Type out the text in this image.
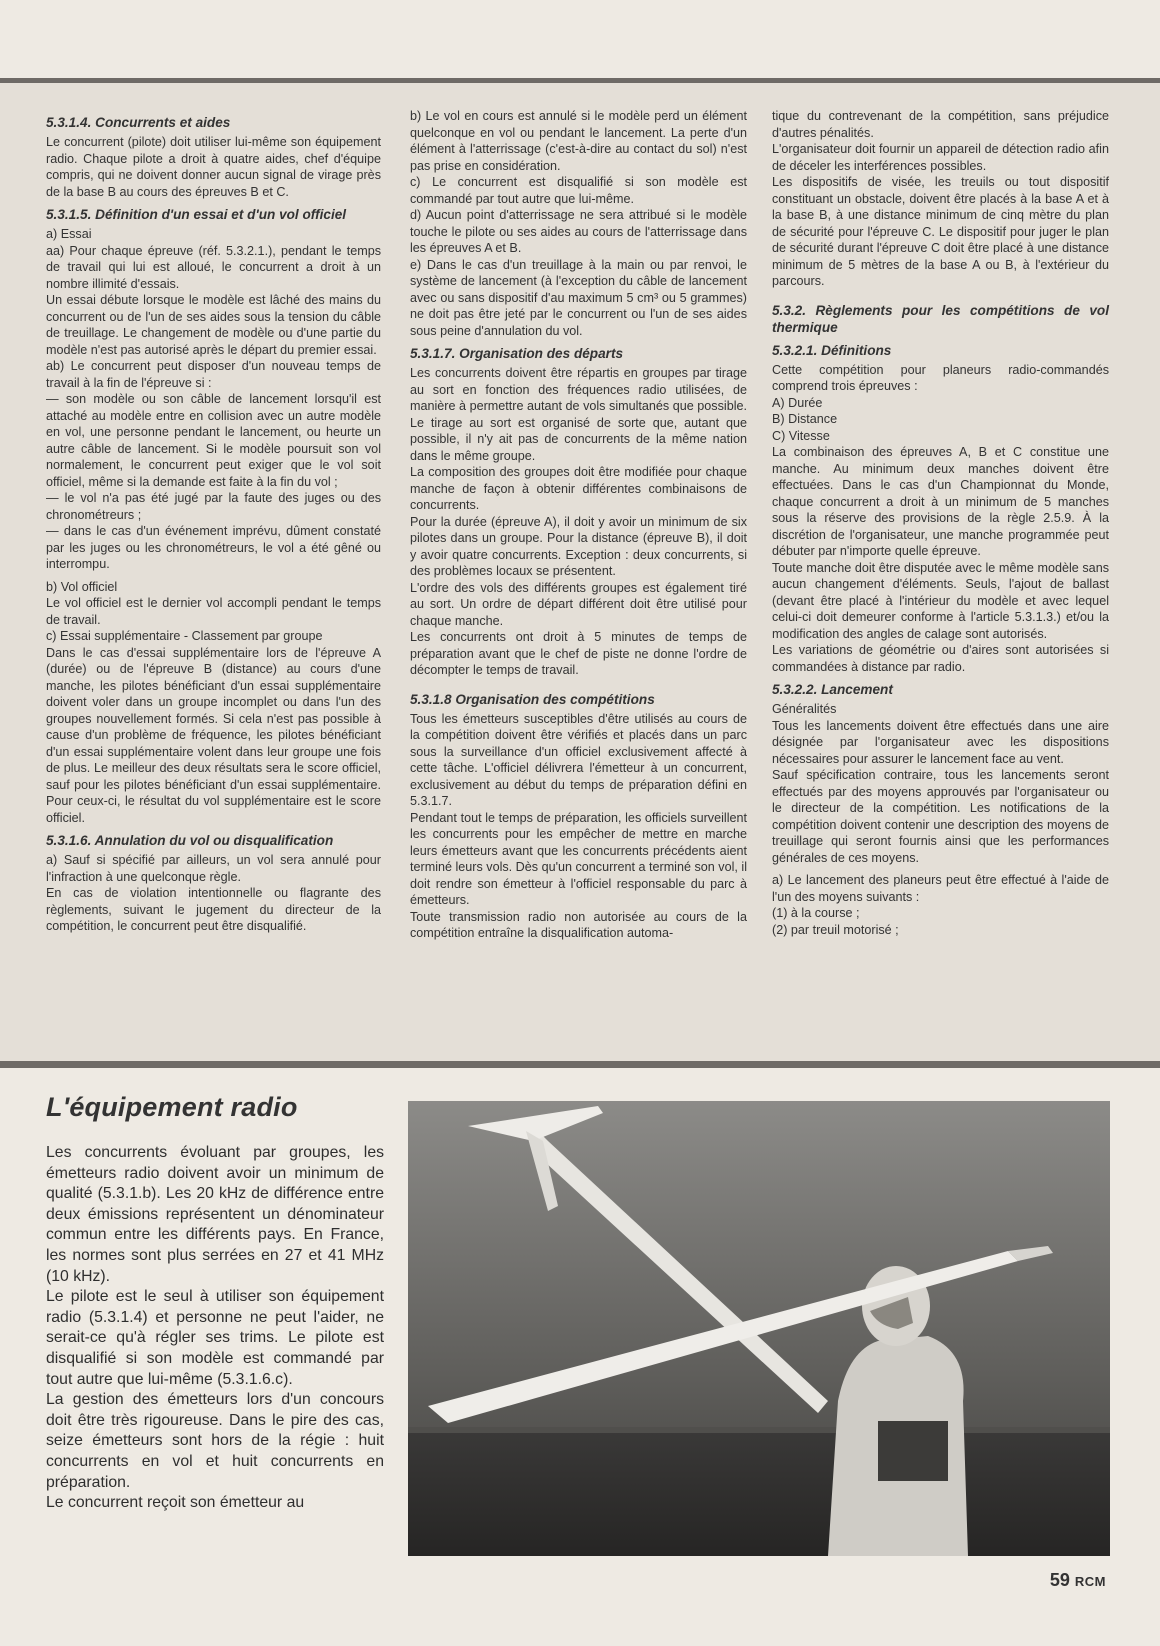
5.3.1.4. Concurrents et aides

Le concurrent (pilote) doit utiliser lui-même son équipement radio. Chaque pilote a droit à quatre aides, chef d'équipe compris, qui ne doivent donner aucun signal de virage près de la base B au cours des épreuves B et C.

5.3.1.5. Définition d'un essai et d'un vol officiel

a) Essai

aa) Pour chaque épreuve (réf. 5.3.2.1.), pendant le temps de travail qui lui est alloué, le concurrent a droit à un nombre illimité d'essais.

Un essai débute lorsque le modèle est lâché des mains du concurrent ou de l'un de ses aides sous la tension du câble de treuillage. Le changement de modèle ou d'une partie du modèle n'est pas autorisé après le départ du premier essai.

ab) Le concurrent peut disposer d'un nouveau temps de travail à la fin de l'épreuve si :

— son modèle ou son câble de lancement lorsqu'il est attaché au modèle entre en collision avec un autre modèle en vol, une personne pendant le lancement, ou heurte un autre câble de lancement. Si le modèle poursuit son vol normalement, le concurrent peut exiger que le vol soit officiel, même si la demande est faite à la fin du vol ;

— le vol n'a pas été jugé par la faute des juges ou des chronométreurs ;

— dans le cas d'un événement imprévu, dûment constaté par les juges ou les chronométreurs, le vol a été gêné ou interrompu.

b) Vol officiel

Le vol officiel est le dernier vol accompli pendant le temps de travail.

c) Essai supplémentaire - Classement par groupe

Dans le cas d'essai supplémentaire lors de l'épreuve A (durée) ou de l'épreuve B (distance) au cours d'une manche, les pilotes bénéficiant d'un essai supplémentaire doivent voler dans un groupe incomplet ou dans l'un des groupes nouvellement formés. Si cela n'est pas possible à cause d'un problème de fréquence, les pilotes bénéficiant d'un essai supplémentaire volent dans leur groupe une fois de plus. Le meilleur des deux résultats sera le score officiel, sauf pour les pilotes bénéficiant d'un essai supplémentaire. Pour ceux-ci, le résultat du vol supplémentaire est le score officiel.

5.3.1.6. Annulation du vol ou disqualification

a) Sauf si spécifié par ailleurs, un vol sera annulé pour l'infraction à une quelconque règle.

En cas de violation intentionnelle ou flagrante des règlements, suivant le jugement du directeur de la compétition, le concurrent peut être disqualifié.

b) Le vol en cours est annulé si le modèle perd un élément quelconque en vol ou pendant le lancement. La perte d'un élément à l'atterrissage (c'est-à-dire au contact du sol) n'est pas prise en considération.

c) Le concurrent est disqualifié si son modèle est commandé par tout autre que lui-même.

d) Aucun point d'atterrissage ne sera attribué si le modèle touche le pilote ou ses aides au cours de l'atterrissage dans les épreuves A et B.

e) Dans le cas d'un treuillage à la main ou par renvoi, le système de lancement (à l'exception du câble de lancement avec ou sans dispositif d'au maximum 5 cm³ ou 5 grammes) ne doit pas être jeté par le concurrent ou l'un de ses aides sous peine d'annulation du vol.

5.3.1.7. Organisation des départs

Les concurrents doivent être répartis en groupes par tirage au sort en fonction des fréquences radio utilisées, de manière à permettre autant de vols simultanés que possible. Le tirage au sort est organisé de sorte que, autant que possible, il n'y ait pas de concurrents de la même nation dans le même groupe.

La composition des groupes doit être modifiée pour chaque manche de façon à obtenir différentes combinaisons de concurrents.

Pour la durée (épreuve A), il doit y avoir un minimum de six pilotes dans un groupe. Pour la distance (épreuve B), il doit y avoir quatre concurrents. Exception : deux concurrents, si des problèmes locaux se présentent.

L'ordre des vols des différents groupes est également tiré au sort. Un ordre de départ différent doit être utilisé pour chaque manche.

Les concurrents ont droit à 5 minutes de temps de préparation avant que le chef de piste ne donne l'ordre de décompter le temps de travail.

5.3.1.8 Organisation des compétitions

Tous les émetteurs susceptibles d'être utilisés au cours de la compétition doivent être vérifiés et placés dans un parc sous la surveillance d'un officiel exclusivement affecté à cette tâche. L'officiel délivrera l'émetteur à un concurrent, exclusivement au début du temps de préparation défini en 5.3.1.7.

Pendant tout le temps de préparation, les officiels surveillent les concurrents pour les empêcher de mettre en marche leurs émetteurs avant que les concurrents précédents aient terminé leurs vols. Dès qu'un concurrent a terminé son vol, il doit rendre son émetteur à l'officiel responsable du parc à émetteurs.

Toute transmission radio non autorisée au cours de la compétition entraîne la disqualification automa-

tique du contrevenant de la compétition, sans préjudice d'autres pénalités.

L'organisateur doit fournir un appareil de détection radio afin de déceler les interférences possibles.

Les dispositifs de visée, les treuils ou tout dispositif constituant un obstacle, doivent être placés à la base A et à la base B, à une distance minimum de cinq mètre du plan de sécurité pour l'épreuve C. Le dispositif pour juger le plan de sécurité durant l'épreuve C doit être placé à une distance minimum de 5 mètres de la base A ou B, à l'extérieur du parcours.

5.3.2. Règlements pour les compétitions de vol thermique
5.3.2.1. Définitions

Cette compétition pour planeurs radio-commandés comprend trois épreuves :

A) Durée

B) Distance

C) Vitesse

La combinaison des épreuves A, B et C constitue une manche. Au minimum deux manches doivent être effectuées. Dans le cas d'un Championnat du Monde, chaque concurrent a droit à un minimum de 5 manches sous la réserve des provisions de la règle 2.5.9. À la discrétion de l'organisateur, une manche programmée peut débuter par n'importe quelle épreuve.

Toute manche doit être disputée avec le même modèle sans aucun changement d'éléments. Seuls, l'ajout de ballast (devant être placé à l'intérieur du modèle et avec lequel celui-ci doit demeurer conforme à l'article 5.3.1.3.) et/ou la modification des angles de calage sont autorisés.

Les variations de géométrie ou d'aires sont autorisées si commandées à distance par radio.

5.3.2.2. Lancement

Généralités

Tous les lancements doivent être effectués dans une aire désignée par l'organisateur avec les dispositions nécessaires pour assurer le lancement face au vent.

Sauf spécification contraire, tous les lancements seront effectués par des moyens approuvés par l'organisateur ou le directeur de la compétition. Les notifications de la compétition doivent contenir une description des moyens de treuillage qui seront fournis ainsi que les performances générales de ces moyens.

a) Le lancement des planeurs peut être effectué à l'aide de l'un des moyens suivants :

(1) à la course ;

(2) par treuil motorisé ;

L'équipement radio

Les concurrents évoluant par groupes, les émetteurs radio doivent avoir un minimum de qualité (5.3.1.b). Les 20 kHz de différence entre deux émissions représentent un dénominateur commun entre les différents pays. En France, les normes sont plus serrées en 27 et 41 MHz (10 kHz).

Le pilote est le seul à utiliser son équipement radio (5.3.1.4) et personne ne peut l'aider, ne serait-ce qu'à régler ses trims. Le pilote est disqualifié si son modèle est commandé par tout autre que lui-même (5.3.1.6.c).

La gestion des émetteurs lors d'un concours doit être très rigoureuse. Dans le pire des cas, seize émetteurs sont hors de la régie : huit concurrents en vol et huit concurrents en préparation.

Le concurrent reçoit son émetteur au

59 RCM
